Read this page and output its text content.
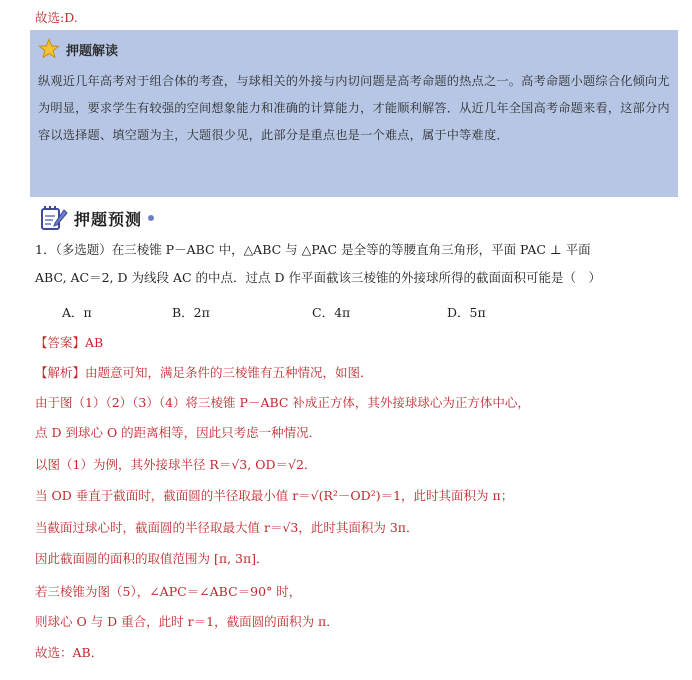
故选:D.
押题解读
纵观近几年高考对于组合体的考查，与球相关的外接与内切问题是高考命题的热点之一。高考命题小题综合化倾向尤为明显，要求学生有较强的空间想象能力和准确的计算能力，才能顺利解答．从近几年全国高考命题来看，这部分内容以选择题、填空题为主，大题很少见，此部分是重点也是一个难点，属于中等难度．
押题预测
1．（多选题）在三棱锥 P－ABC 中，△ABC 与 △PAC 是全等的等腰直角三角形，平面 PAC ⊥ 平面
ABC, AC＝2, D 为线段 AC 的中点．过点 D 作平面截该三棱锥的外接球所得的截面面积可能是（　）
A．π	B．2π	C．4π	D．5π
【答案】AB
【解析】由题意可知，满足条件的三棱锥有五种情况，如图．
由于图（1）（2）（3）（4）将三棱锥 P－ABC 补成正方体，其外接球球心为正方体中心，
点 D 到球心 O 的距离相等，因此只考虑一种情况．
以图（1）为例，其外接球半径 R＝√3, OD＝√2．
当 OD 垂直于截面时，截面圆的半径取最小值 r＝√(R²－OD²)＝1，此时其面积为 π；
当截面过球心时，截面圆的半径取最大值 r＝√3，此时其面积为 3π．
因此截面圆的面积的取值范围为 [π, 3π]．
若三棱锥为图（5），∠APC＝∠ABC＝90° 时，
则球心 O 与 D 重合，此时 r＝1，截面圆的面积为 π．
故选：AB．
